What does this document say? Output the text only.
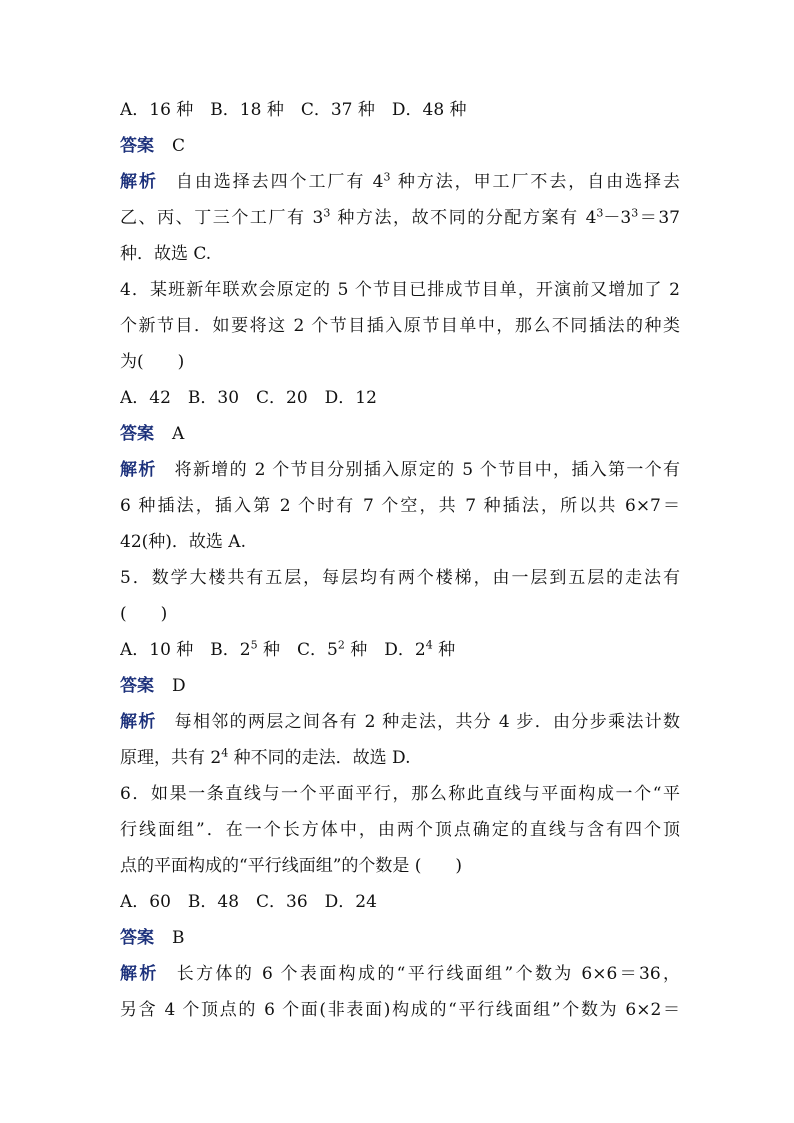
A．16 种　B．18 种　C．37 种　D．48 种
答案 C
解析 自由选择去四个工厂有 $4^3$ 种方法，甲工厂不去，自由选择去
乙、丙、丁三个工厂有 $3^3$ 种方法，故不同的分配方案有 $4^3-3^3=37$
种．故选 C.
4．某班新年联欢会原定的 5 个节目已排成节目单，开演前又增加了 2
个新节目．如要将这 2 个节目插入原节目单中，那么不同插法的种类
为(　　)
A．42　B．30　C．20　D．12
答案 A
解析 将新增的 2 个节目分别插入原定的 5 个节目中，插入第一个有
6 种插法，插入第 2 个时有 7 个空，共 7 种插法，所以共 6×7＝
42(种)．故选 A.
5．数学大楼共有五层，每层均有两个楼梯，由一层到五层的走法有
(　　)
A．10 种　B．$2^5$ 种　C．$5^2$ 种　D．$2^4$ 种
答案 D
解析 每相邻的两层之间各有 2 种走法，共分 4 步．由分步乘法计数
原理，共有 $2^4$ 种不同的走法．故选 D.
6．如果一条直线与一个平面平行，那么称此直线与平面构成一个“平
行线面组”．在一个长方体中，由两个顶点确定的直线与含有四个顶
点的平面构成的“平行线面组”的个数是 (　　)
A．60　B．48　C．36　D．24
答案 B
解析 长方体的 6 个表面构成的“平行线面组”个数为 6×6＝36，
另含 4 个顶点的 6 个面(非表面)构成的“平行线面组”个数为 6×2＝
